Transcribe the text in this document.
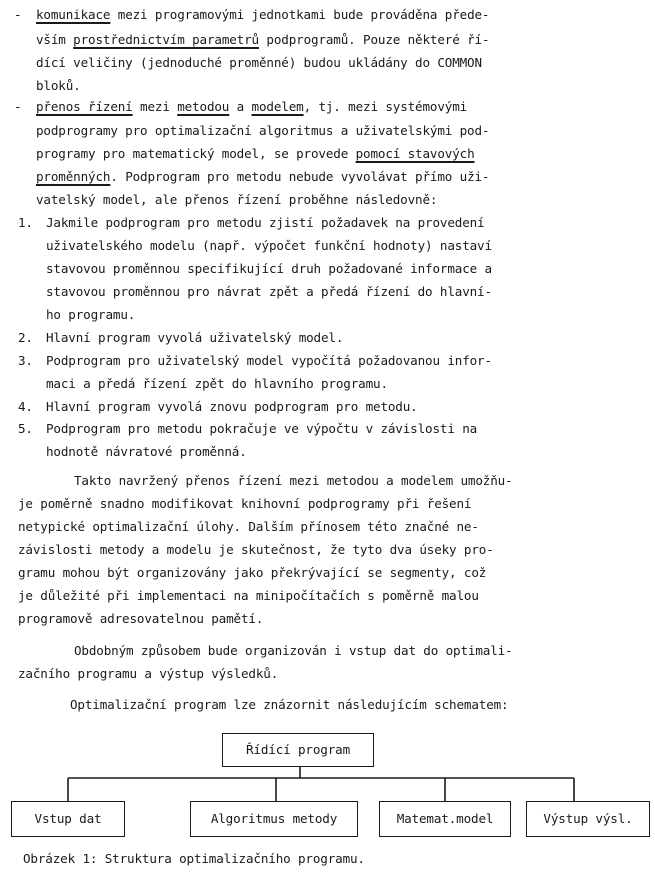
- komunikace mezi programovými jednotkami bude prováděna přede-
vším prostřednictvím parametrů podprogramů. Pouze některé ří-
dící veličiny (jednoduché proměnné) budou ukládány do COMMON
bloků.
- přenos řízení mezi metodou a modelem, tj. mezi systémovými
podprogramy pro optimalizační algoritmus a uživatelskými pod-
programy pro matematický model, se provede pomocí stavových
proměnných. Podprogram pro metodu nebude vyvolávat přímo uži-
vatelský model, ale přenos řízení proběhne následovně:
1. Jakmile podprogram pro metodu zjistí požadavek na provedení
uživatelského modelu (např. výpočet funkční hodnoty) nastaví
stavovou proměnnou specifikující druh požadované informace a
stavovou proměnnou pro návrat zpět a předá řízení do hlavní-
ho programu.
2. Hlavní program vyvolá uživatelský model.
3. Podprogram pro uživatelský model vypočítá požadovanou infor-
maci a předá řízení zpět do hlavního programu.
4. Hlavní program vyvolá znovu podprogram pro metodu.
5. Podprogram pro metodu pokračuje ve výpočtu v závislosti na
hodnotě návratové proměnná.
Takto navržený přenos řízení mezi metodou a modelem umožňu-
je poměrně snadno modifikovat knihovní podprogramy při řešení
netypické optimalizační úlohy. Dalším přínosem této značné ne-
závislosti metody a modelu je skutečnost, že tyto dva úseky pro-
gramu mohou být organizovány jako překrývající se segmenty, což
je důležité při implementaci na minipočítačích s poměrně malou
programově adresovatelnou pamětí.
Obdobným způsobem bude organizován i vstup dat do optimali-
začního programu a výstup výsledků.
Optimalizační program lze znázornit následujícím schematem:
Řídící program
Vstup dat	Algoritmus metody	Matemat.model	Výstup výsl.
Obrázek 1: Struktura optimalizačního programu.
